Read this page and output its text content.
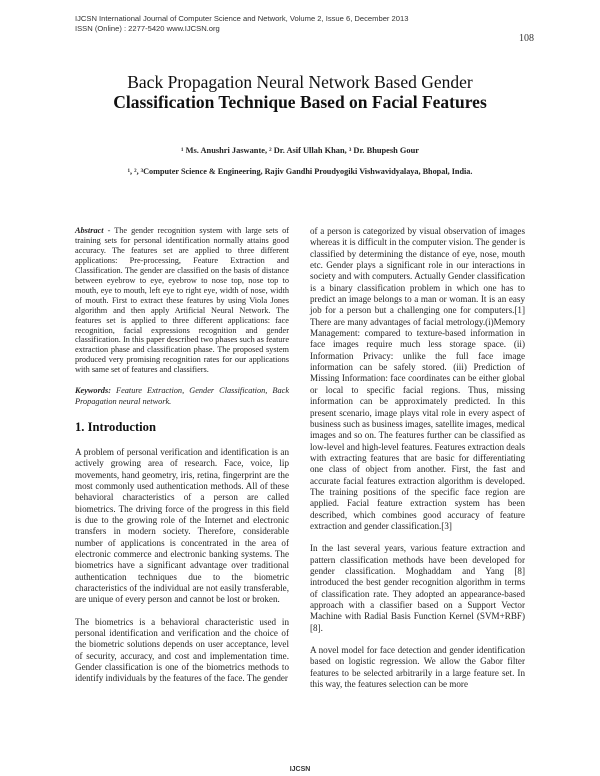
IJCSN International Journal of Computer Science and Network, Volume 2, Issue 6, December 2013
ISSN (Online) : 2277-5420 www.IJCSN.org
108
Back Propagation Neural Network Based Gender
Classification Technique Based on Facial Features
¹ Ms. Anushri Jaswante, ² Dr. Asif Ullah Khan, ³ Dr. Bhupesh Gour
¹, ², ³Computer Science & Engineering, Rajiv Gandhi Proudyogiki Vishwavidyalaya, Bhopal, India.

Abstract - The gender recognition system with large sets of training sets for personal identification normally attains good accuracy. The features set are applied to three different applications: Pre-processing, Feature Extraction and Classification. The gender are classified on the basis of distance between eyebrow to eye, eyebrow to nose top, nose top to mouth, eye to mouth, left eye to right eye, width of nose, width of mouth. First to extract these features by using Viola Jones algorithm and then apply Artificial Neural Network. The features set is applied to three different applications: face recognition, facial expressions recognition and gender classification. In this paper described two phases such as feature extraction phase and classification phase. The proposed system produced very promising recognition rates for our applications with same set of features and classifiers.

Keywords: Feature Extraction, Gender Classification, Back Propagation neural network.

1. Introduction

A problem of personal verification and identification is an actively growing area of research. Face, voice, lip movements, hand geometry, iris, retina, fingerprint are the most commonly used authentication methods. All of these behavioral characteristics of a person are called biometrics. The driving force of the progress in this field is due to the growing role of the Internet and electronic transfers in modern society. Therefore, considerable number of applications is concentrated in the area of electronic commerce and electronic banking systems. The biometrics have a significant advantage over traditional authentication techniques due to the biometric characteristics of the individual are not easily transferable, are unique of every person and cannot be lost or broken.

The biometrics is a behavioral characteristic used in personal identification and verification and the choice of the biometric solutions depends on user acceptance, level of security, accuracy, and cost and implementation time. Gender classification is one of the biometrics methods to identify individuals by the features of the face. The gender

of a person is categorized by visual observation of images whereas it is difficult in the computer vision. The gender is classified by determining the distance of eye, nose, mouth etc. Gender plays a significant role in our interactions in society and with computers. Actually Gender classification is a binary classification problem in which one has to predict an image belongs to a man or woman. It is an easy job for a person but a challenging one for computers.[1] There are many advantages of facial metrology.(i)Memory Management: compared to texture-based information in face images require much less storage space. (ii) Information Privacy: unlike the full face image information can be safely stored. (iii) Prediction of Missing Information: face coordinates can be either global or local to specific facial regions. Thus, missing information can be approximately predicted. In this present scenario, image plays vital role in every aspect of business such as business images, satellite images, medical images and so on. The features further can be classified as low-level and high-level features. Features extraction deals with extracting features that are basic for differentiating one class of object from another. First, the fast and accurate facial features extraction algorithm is developed. The training positions of the specific face region are applied. Facial feature extraction system has been described, which combines good accuracy of feature extraction and gender classification.[3]

In the last several years, various feature extraction and pattern classification methods have been developed for gender classification. Moghaddam and Yang [8] introduced the best gender recognition algorithm in terms of classification rate. They adopted an appearance-based approach with a classifier based on a Support Vector Machine with Radial Basis Function Kernel (SVM+RBF)[8].

A novel model for face detection and gender identification based on logistic regression. We allow the Gabor filter features to be selected arbitrarily in a large feature set. In this way, the features selection can be more

IJCSN
